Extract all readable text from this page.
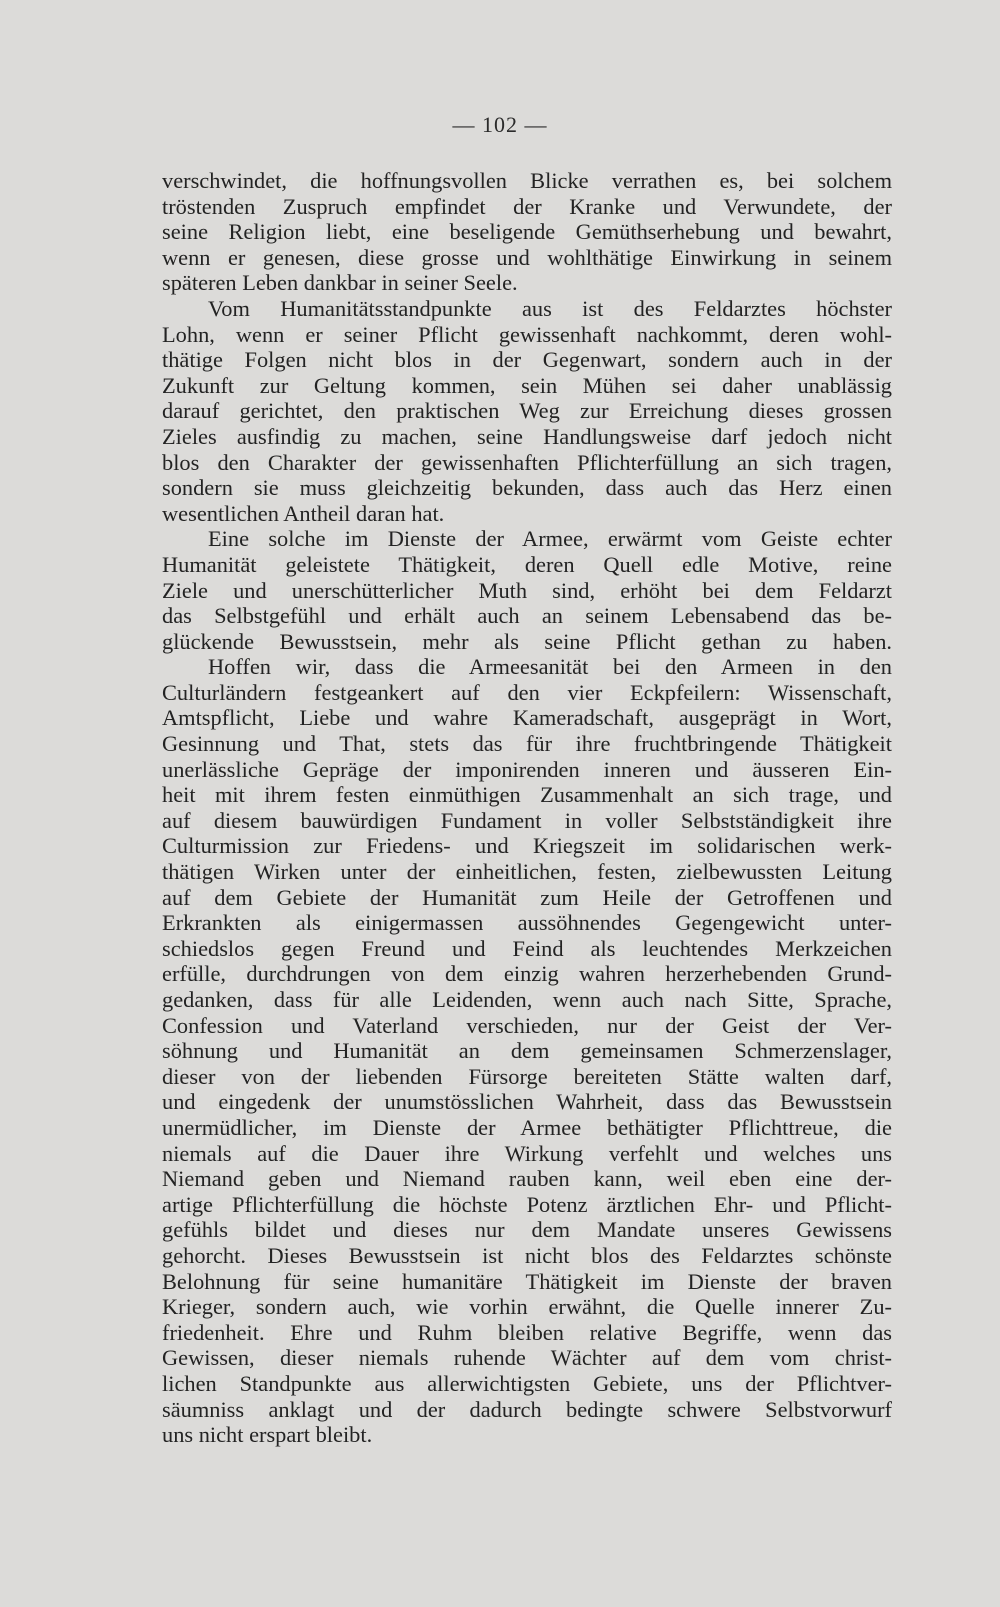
— 102 —
verschwindet, die hoffnungsvollen Blicke verrathen es, bei solchem
tröstenden Zuspruch empfindet der Kranke und Verwundete, der
seine Religion liebt, eine beseligende Gemüthserhebung und bewahrt,
wenn er genesen, diese grosse und wohlthätige Einwirkung in seinem
späteren Leben dankbar in seiner Seele.
Vom Humanitätsstandpunkte aus ist des Feldarztes höchster
Lohn, wenn er seiner Pflicht gewissenhaft nachkommt, deren wohl-
thätige Folgen nicht blos in der Gegenwart, sondern auch in der
Zukunft zur Geltung kommen, sein Mühen sei daher unablässig
darauf gerichtet, den praktischen Weg zur Erreichung dieses grossen
Zieles ausfindig zu machen, seine Handlungsweise darf jedoch nicht
blos den Charakter der gewissenhaften Pflichterfüllung an sich tragen,
sondern sie muss gleichzeitig bekunden, dass auch das Herz einen
wesentlichen Antheil daran hat.
Eine solche im Dienste der Armee, erwärmt vom Geiste echter
Humanität geleistete Thätigkeit, deren Quell edle Motive, reine
Ziele und unerschütterlicher Muth sind, erhöht bei dem Feldarzt
das Selbstgefühl und erhält auch an seinem Lebensabend das be-
glückende Bewusstsein, mehr als seine Pflicht gethan zu haben.
Hoffen wir, dass die Armeesanität bei den Armeen in den
Culturländern festgeankert auf den vier Eckpfeilern: Wissenschaft,
Amtspflicht, Liebe und wahre Kameradschaft, ausgeprägt in Wort,
Gesinnung und That, stets das für ihre fruchtbringende Thätigkeit
unerlässliche Gepräge der imponirenden inneren und äusseren Ein-
heit mit ihrem festen einmüthigen Zusammenhalt an sich trage, und
auf diesem bauwürdigen Fundament in voller Selbstständigkeit ihre
Culturmission zur Friedens- und Kriegszeit im solidarischen werk-
thätigen Wirken unter der einheitlichen, festen, zielbewussten Leitung
auf dem Gebiete der Humanität zum Heile der Getroffenen und
Erkrankten als einigermassen aussöhnendes Gegengewicht unter-
schiedslos gegen Freund und Feind als leuchtendes Merkzeichen
erfülle, durchdrungen von dem einzig wahren herzerhebenden Grund-
gedanken, dass für alle Leidenden, wenn auch nach Sitte, Sprache,
Confession und Vaterland verschieden, nur der Geist der Ver-
söhnung und Humanität an dem gemeinsamen Schmerzenslager,
dieser von der liebenden Fürsorge bereiteten Stätte walten darf,
und eingedenk der unumstösslichen Wahrheit, dass das Bewusstsein
unermüdlicher, im Dienste der Armee bethätigter Pflichttreue, die
niemals auf die Dauer ihre Wirkung verfehlt und welches uns
Niemand geben und Niemand rauben kann, weil eben eine der-
artige Pflichterfüllung die höchste Potenz ärztlichen Ehr- und Pflicht-
gefühls bildet und dieses nur dem Mandate unseres Gewissens
gehorcht. Dieses Bewusstsein ist nicht blos des Feldarztes schönste
Belohnung für seine humanitäre Thätigkeit im Dienste der braven
Krieger, sondern auch, wie vorhin erwähnt, die Quelle innerer Zu-
friedenheit. Ehre und Ruhm bleiben relative Begriffe, wenn das
Gewissen, dieser niemals ruhende Wächter auf dem vom christ-
lichen Standpunkte aus allerwichtigsten Gebiete, uns der Pflichtver-
säumniss anklagt und der dadurch bedingte schwere Selbstvorwurf
uns nicht erspart bleibt.
